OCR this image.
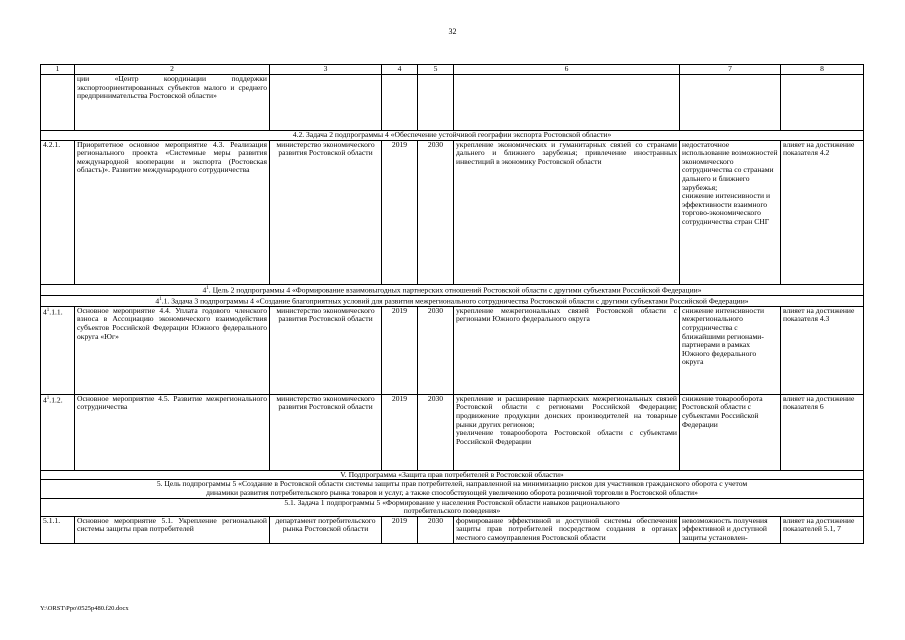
32
1	2	3	4	5	6	7	8
	ции «Центр координации поддержки экспортоориентированных субъектов малого и среднего предпринимательства Ростовской области»						
4.2. Задача 2 подпрограммы 4 «Обеспечение устойчивой географии экспорта Ростовской области»							
4.2.1.	Приоритетное основное мероприятие 4.3. Реализация регионального проекта «Системные меры развития международной кооперации и экспорта (Ростовская область)». Развитие международного сотрудничества	министерство экономического развития Ростовской области	2019	2030	укрепление экономических и гуманитарных связей со странами дальнего и ближнего зарубежья; привлечение иностранных инвестиций в экономику Ростовской области	недостаточное использование возможностей экономического сотрудничества со странами дальнего и ближнего зарубежья;
снижение интенсивности и эффективности взаимного торгово-экономического сотрудничества стран СНГ	влияет на достижение показателя 4.2
$4^1$. Цель 2 подпрограммы 4 «Формирование взаимовыгодных партнерских отношений Ростовской области с другими субъектами Российской Федерации»							
$4^1.1$. Задача 3 подпрограммы 4 «Создание благоприятных условий для развития межрегионального сотрудничества Ростовской области с другими субъектами Российской Федерации»							
$4^1.1.1$.	Основное мероприятие 4.4. Уплата годового членского взноса в Ассоциацию экономического взаимодействия субъектов Российской Федерации Южного федерального округа «Юг»	министерство экономического развития Ростовской области	2019	2030	укрепление межрегиональных связей Ростовской области с регионами Южного федерального округа	снижение интенсивности межрегионального сотрудничества с ближайшими регионами-партнерами в рамках Южного федерального округа	влияет на достижение показателя 4.3
$4^1.1.2$.	Основное мероприятие 4.5. Развитие межрегионального сотрудничества	министерство экономического развития Ростовской области	2019	2030	укрепление и расширение партнерских межрегиональных связей Ростовской области с регионами Российской Федерации; продвижение продукции донских производителей на товарные рынки других регионов;
увеличение товарооборота Ростовской области с субъектами Российской Федерации	снижение товарооборота Ростовской области с субъектами Российской Федерации	влияет на достижение показателя 6
V. Подпрограмма «Защита прав потребителей в Ростовской области»							
5. Цель подпрограммы 5 «Создание в Ростовской области системы защиты прав потребителей, направленной на минимизацию рисков для участников гражданского оборота с учетом динамики развития потребительского рынка товаров и услуг, а также способствующей увеличению оборота розничной торговли в Ростовской области»							
5.1. Задача 1 подпрограммы 5 «Формирование у населения Ростовской области навыков рационального потребительского поведения»							
5.1.1.	Основное мероприятие 5.1. Укрепление региональной системы защиты прав потребителей	департамент потребительского рынка Ростовской области	2019	2030	формирование эффективной и доступной системы обеспечения защиты прав потребителей посредством создания в органах местного самоуправления Ростовской области	невозможность получения эффективной и доступной защиты установлен-	влияет на достижение показателей 5.1, 7
Y:\ORST\Ppo\0525p480.f20.docx
